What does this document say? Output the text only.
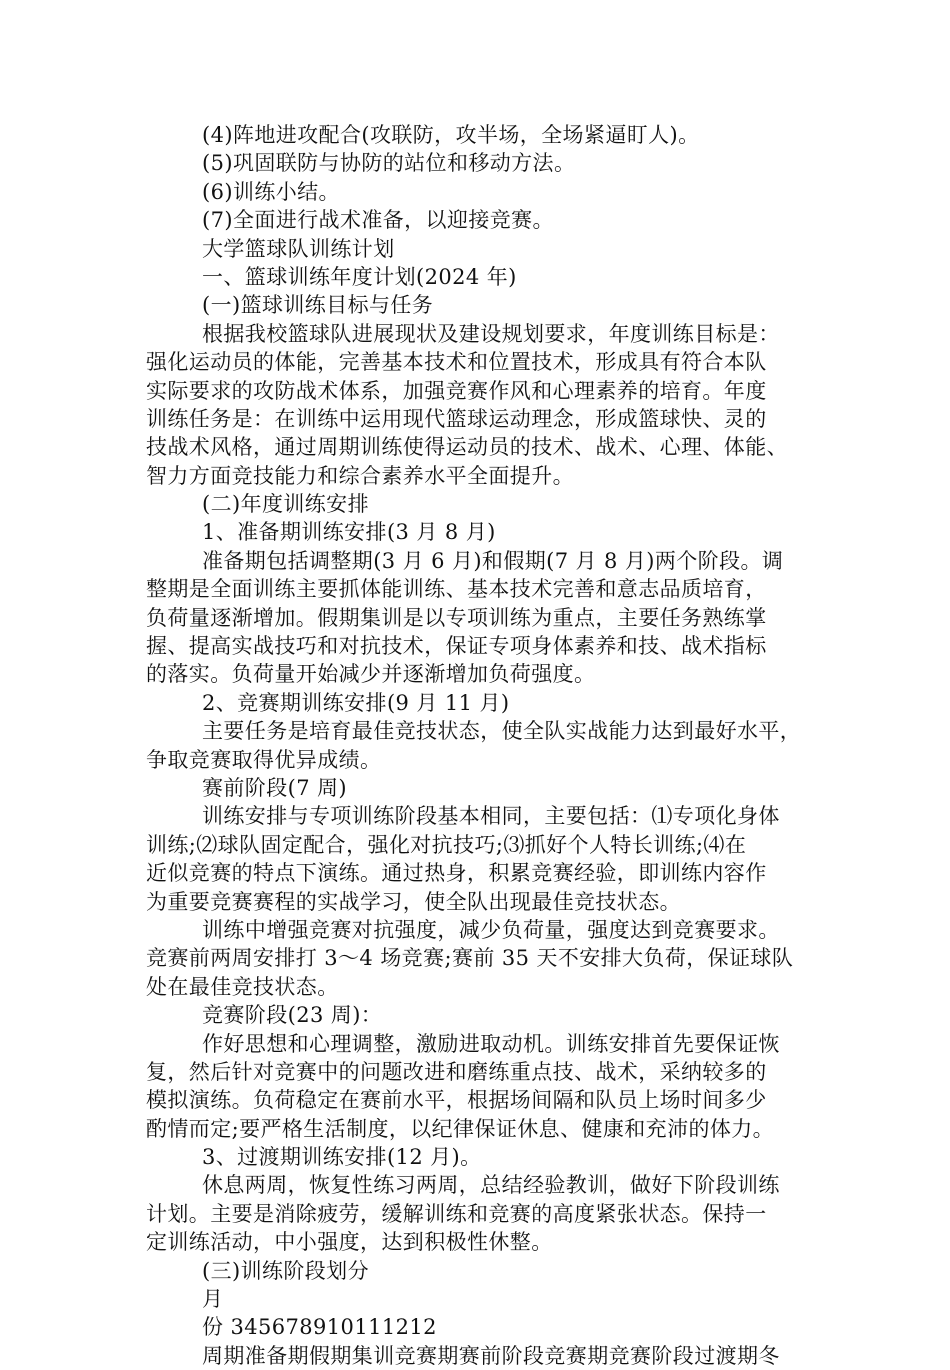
(4)阵地进攻配合(攻联防，攻半场，全场紧逼盯人)。
(5)巩固联防与协防的站位和移动方法。
(6)训练小结。
(7)全面进行战术准备，以迎接竞赛。
大学篮球队训练计划
一、篮球训练年度计划(2024 年)
(一)篮球训练目标与任务
根据我校篮球队进展现状及建设规划要求，年度训练目标是：
强化运动员的体能，完善基本技术和位置技术，形成具有符合本队
实际要求的攻防战术体系，加强竞赛作风和心理素养的培育。年度
训练任务是：在训练中运用现代篮球运动理念，形成篮球快、灵的
技战术风格，通过周期训练使得运动员的技术、战术、心理、体能、
智力方面竞技能力和综合素养水平全面提升。
(二)年度训练安排
1、准备期训练安排(3 月 8 月)
准备期包括调整期(3 月 6 月)和假期(7 月 8 月)两个阶段。调
整期是全面训练主要抓体能训练、基本技术完善和意志品质培育，
负荷量逐渐增加。假期集训是以专项训练为重点，主要任务熟练掌
握、提高实战技巧和对抗技术，保证专项身体素养和技、战术指标
的落实。负荷量开始减少并逐渐增加负荷强度。
2、竞赛期训练安排(9 月 11 月)
主要任务是培育最佳竞技状态，使全队实战能力达到最好水平，
争取竞赛取得优异成绩。
赛前阶段(7 周)
训练安排与专项训练阶段基本相同，主要包括：⑴专项化身体
训练;⑵球队固定配合，强化对抗技巧;⑶抓好个人特长训练;⑷在
近似竞赛的特点下演练。通过热身，积累竞赛经验，即训练内容作
为重要竞赛赛程的实战学习，使全队出现最佳竞技状态。
训练中增强竞赛对抗强度，减少负荷量，强度达到竞赛要求。
竞赛前两周安排打 3～4 场竞赛;赛前 35 天不安排大负荷，保证球队
处在最佳竞技状态。
竞赛阶段(23 周)：
作好思想和心理调整，激励进取动机。训练安排首先要保证恢
复，然后针对竞赛中的问题改进和磨练重点技、战术，采纳较多的
模拟演练。负荷稳定在赛前水平，根据场间隔和队员上场时间多少
酌情而定;要严格生活制度，以纪律保证休息、健康和充沛的体力。
3、过渡期训练安排(12 月)。
休息两周，恢复性练习两周，总结经验教训，做好下阶段训练
计划。主要是消除疲劳，缓解训练和竞赛的高度紧张状态。保持一
定训练活动，中小强度，达到积极性休整。
(三)训练阶段划分
月
份 345678910111212
周期准备期假期集训竞赛期赛前阶段竞赛期竞赛阶段过渡期冬
